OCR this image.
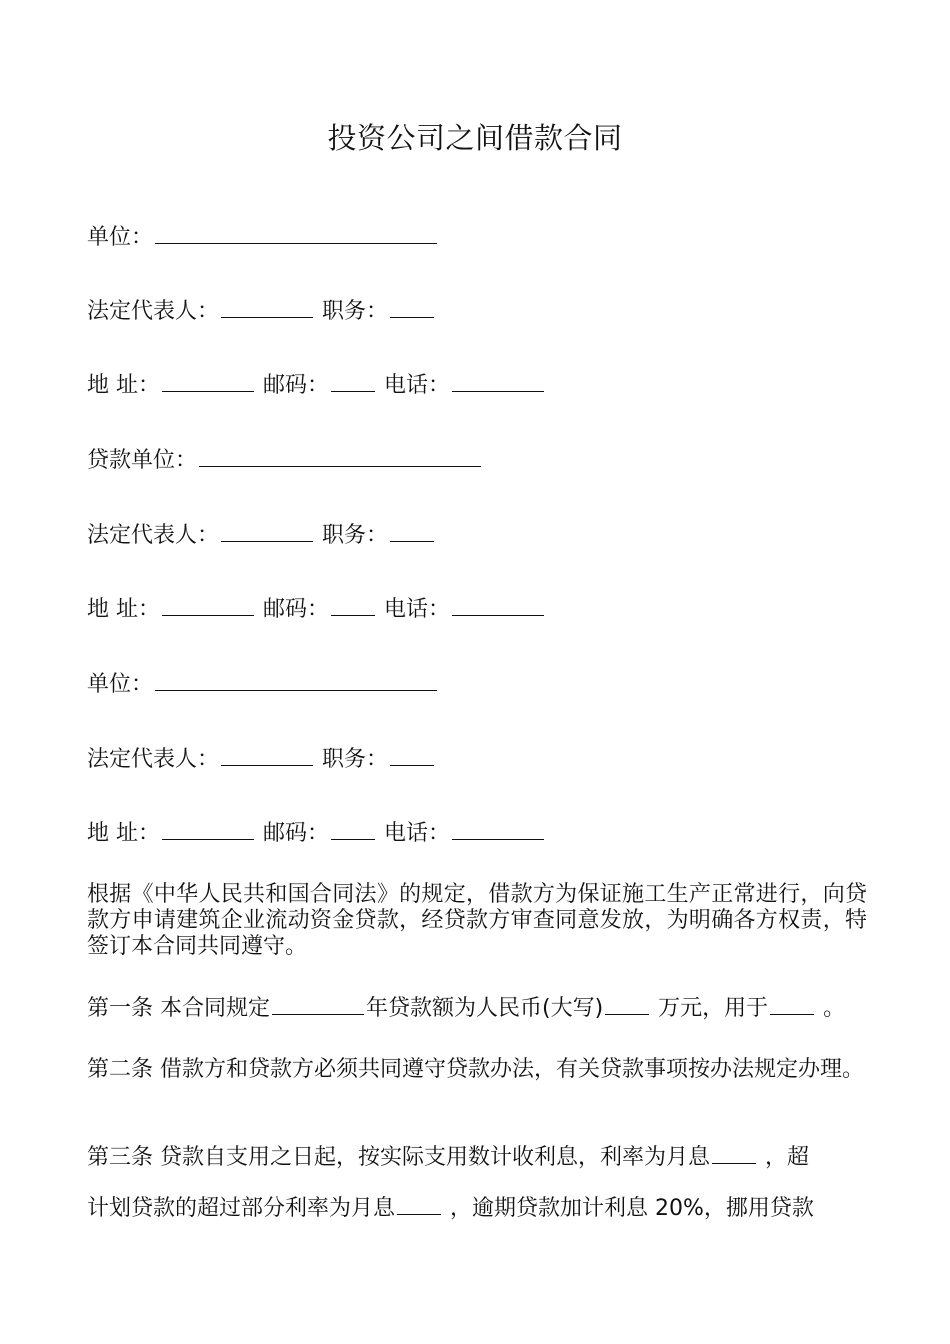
投资公司之间借款合同
单位：
法定代表人：	职务：
地 址：	邮码：	电话：
贷款单位：
法定代表人：	职务：
地 址：	邮码：	电话：
单位：
法定代表人：	职务：
地 址：	邮码：	电话：
根据《中华人民共和国合同法》的规定，借款方为保证施工生产正常进行，向贷款方申请建筑企业流动资金贷款，经贷款方审查同意发放，为明确各方权责，特签订本合同共同遵守。
第一条 本合同规定	年贷款额为人民币(大写) 万元，用于 。
第二条 借款方和贷款方必须共同遵守贷款办法，有关贷款事项按办法规定办理。
第三条 贷款自支用之日起，按实际支用数计收利息，利率为月息 ，超
计划贷款的超过部分利率为月息 ，逾期贷款加计利息 20%，挪用贷款
